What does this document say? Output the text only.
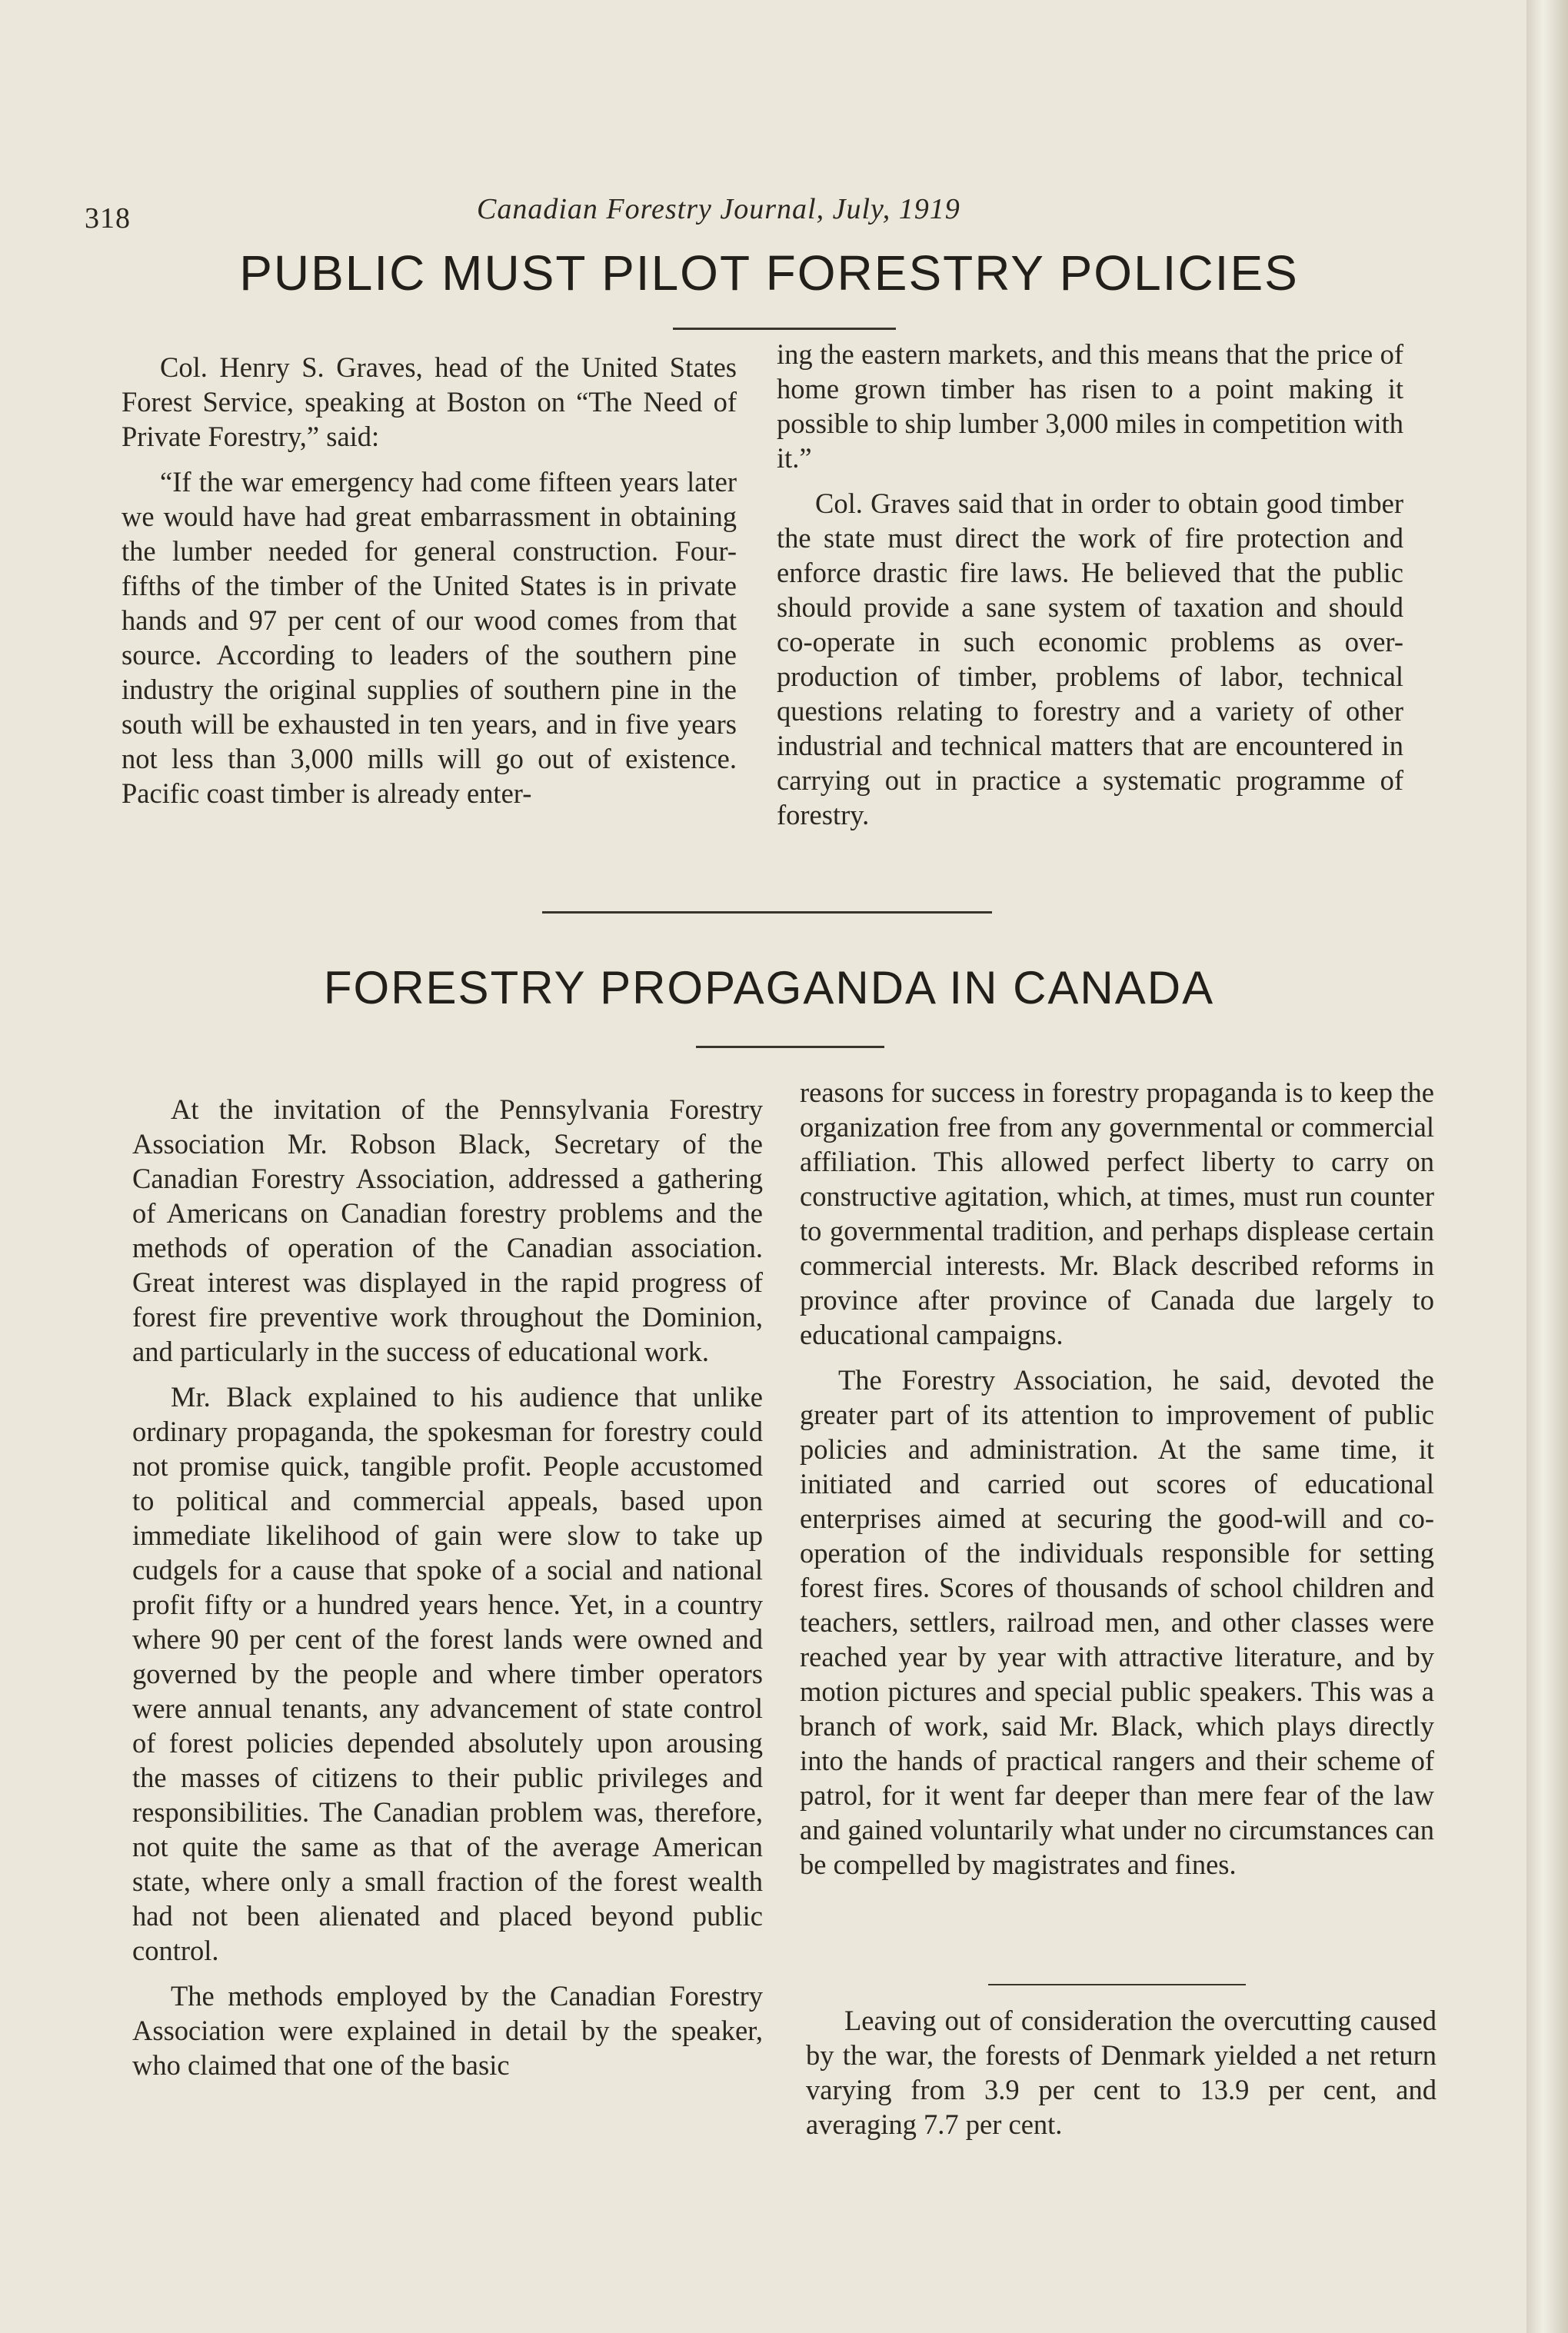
318	Canadian Forestry Journal, July, 1919
PUBLIC MUST PILOT FORESTRY POLICIES

Col. Henry S. Graves, head of the United States Forest Service, speaking at Boston on “The Need of Private Forestry,” said:

“If the war emergency had come fifteen years later we would have had great embarrassment in obtaining the lumber needed for general construction. Four-fifths of the timber of the United States is in private hands and 97 per cent of our wood comes from that source. According to leaders of the southern pine industry the original supplies of southern pine in the south will be exhausted in ten years, and in five years not less than 3,000 mills will go out of existence. Pacific coast timber is already enter-

ing the eastern markets, and this means that the price of home grown timber has risen to a point making it possible to ship lumber 3,000 miles in competition with it.”

Col. Graves said that in order to obtain good timber the state must direct the work of fire protection and enforce drastic fire laws. He believed that the public should provide a sane system of taxation and should co-operate in such economic problems as over-production of timber, problems of labor, technical questions relating to forestry and a variety of other industrial and technical matters that are encountered in carrying out in practice a systematic programme of forestry.

FORESTRY PROPAGANDA IN CANADA

At the invitation of the Pennsylvania Forestry Association Mr. Robson Black, Secretary of the Canadian Forestry Association, addressed a gathering of Americans on Canadian forestry problems and the methods of operation of the Canadian association. Great interest was displayed in the rapid progress of forest fire preventive work throughout the Dominion, and particularly in the success of educational work.

Mr. Black explained to his audience that unlike ordinary propaganda, the spokesman for forestry could not promise quick, tangible profit. People accustomed to political and commercial appeals, based upon immediate likelihood of gain were slow to take up cudgels for a cause that spoke of a social and national profit fifty or a hundred years hence. Yet, in a country where 90 per cent of the forest lands were owned and governed by the people and where timber operators were annual tenants, any advancement of state control of forest policies depended absolutely upon arousing the masses of citizens to their public privileges and responsibilities. The Canadian problem was, therefore, not quite the same as that of the average American state, where only a small fraction of the forest wealth had not been alienated and placed beyond public control.

The methods employed by the Canadian Forestry Association were explained in detail by the speaker, who claimed that one of the basic

reasons for success in forestry propaganda is to keep the organization free from any governmental or commercial affiliation. This allowed perfect liberty to carry on constructive agitation, which, at times, must run counter to governmental tradition, and perhaps displease certain commercial interests. Mr. Black described reforms in province after province of Canada due largely to educational campaigns.

The Forestry Association, he said, devoted the greater part of its attention to improvement of public policies and administration. At the same time, it initiated and carried out scores of educational enterprises aimed at securing the good-will and co-operation of the individuals responsible for setting forest fires. Scores of thousands of school children and teachers, settlers, railroad men, and other classes were reached year by year with attractive literature, and by motion pictures and special public speakers. This was a branch of work, said Mr. Black, which plays directly into the hands of practical rangers and their scheme of patrol, for it went far deeper than mere fear of the law and gained voluntarily what under no circumstances can be compelled by magistrates and fines.

Leaving out of consideration the overcutting caused by the war, the forests of Denmark yielded a net return varying from 3.9 per cent to 13.9 per cent, and averaging 7.7 per cent.
